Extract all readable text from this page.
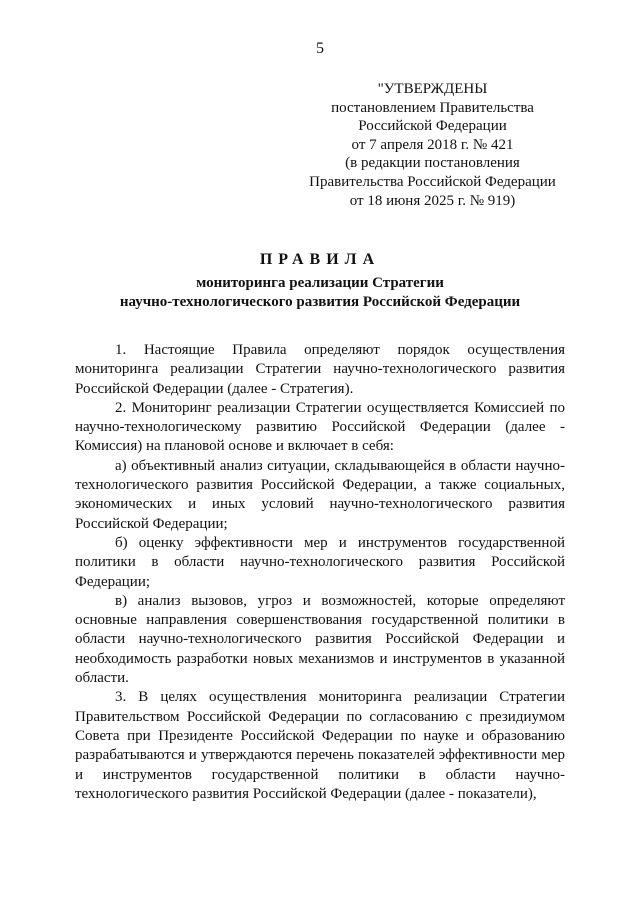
5
"УТВЕРЖДЕНЫ
постановлением Правительства
Российской Федерации
от 7 апреля 2018 г. № 421
(в редакции постановления
Правительства Российской Федерации
от 18 июня 2025 г. № 919)
ПРАВИЛА
мониторинга реализации Стратегии
научно-технологического развития Российской Федерации

1. Настоящие Правила определяют порядок осуществления мониторинга реализации Стратегии научно-технологического развития Российской Федерации (далее - Стратегия).

2. Мониторинг реализации Стратегии осуществляется Комиссией по научно-технологическому развитию Российской Федерации (далее - Комиссия) на плановой основе и включает в себя:

а) объективный анализ ситуации, складывающейся в области научно-технологического развития Российской Федерации, а также социальных, экономических и иных условий научно-технологического развития Российской Федерации;

б) оценку эффективности мер и инструментов государственной политики в области научно-технологического развития Российской Федерации;

в) анализ вызовов, угроз и возможностей, которые определяют основные направления совершенствования государственной политики в области научно-технологического развития Российской Федерации и необходимость разработки новых механизмов и инструментов в указанной области.

3. В целях осуществления мониторинга реализации Стратегии Правительством Российской Федерации по согласованию с президиумом Совета при Президенте Российской Федерации по науке и образованию разрабатываются и утверждаются перечень показателей эффективности мер и инструментов государственной политики в области научно-технологического развития Российской Федерации (далее - показатели),
